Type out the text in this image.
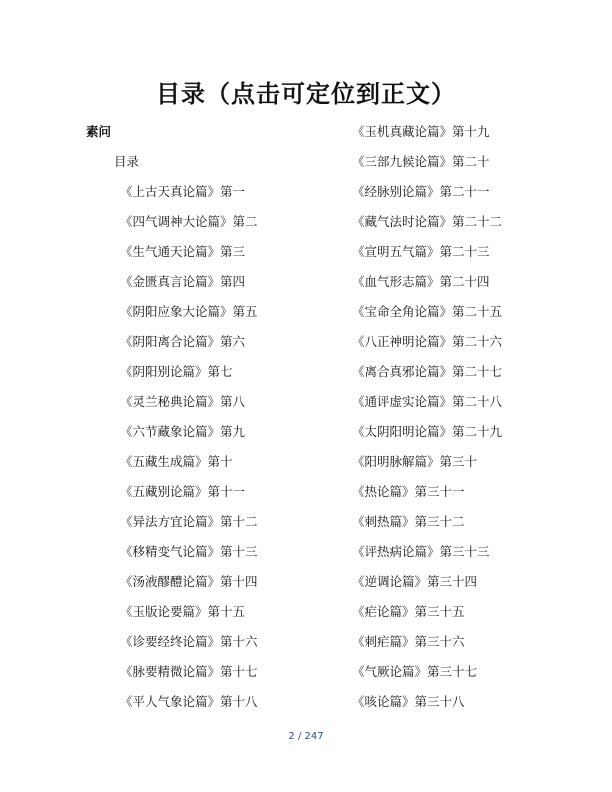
目录（点击可定位到正文）
素问
目录
《上古天真论篇》第一
《四气调神大论篇》第二
《生气通天论篇》第三
《金匮真言论篇》第四
《阴阳应象大论篇》第五
《阴阳离合论篇》第六
《阴阳别论篇》第七
《灵兰秘典论篇》第八
《六节藏象论篇》第九
《五藏生成篇》第十
《五藏别论篇》第十一
《异法方宜论篇》第十二
《移精变气论篇》第十三
《汤液醪醴论篇》第十四
《玉版论要篇》第十五
《诊要经终论篇》第十六
《脉要精微论篇》第十七
《平人气象论篇》第十八
《玉机真藏论篇》第十九
《三部九候论篇》第二十
《经脉别论篇》第二十一
《藏气法时论篇》第二十二
《宣明五气篇》第二十三
《血气形志篇》第二十四
《宝命全角论篇》第二十五
《八正神明论篇》第二十六
《离合真邪论篇》第二十七
《通评虚实论篇》第二十八
《太阴阳明论篇》第二十九
《阳明脉解篇》第三十
《热论篇》第三十一
《刺热篇》第三十二
《评热病论篇》第三十三
《逆调论篇》第三十四
《疟论篇》第三十五
《刺疟篇》第三十六
《气厥论篇》第三十七
《咳论篇》第三十八
2 / 247
